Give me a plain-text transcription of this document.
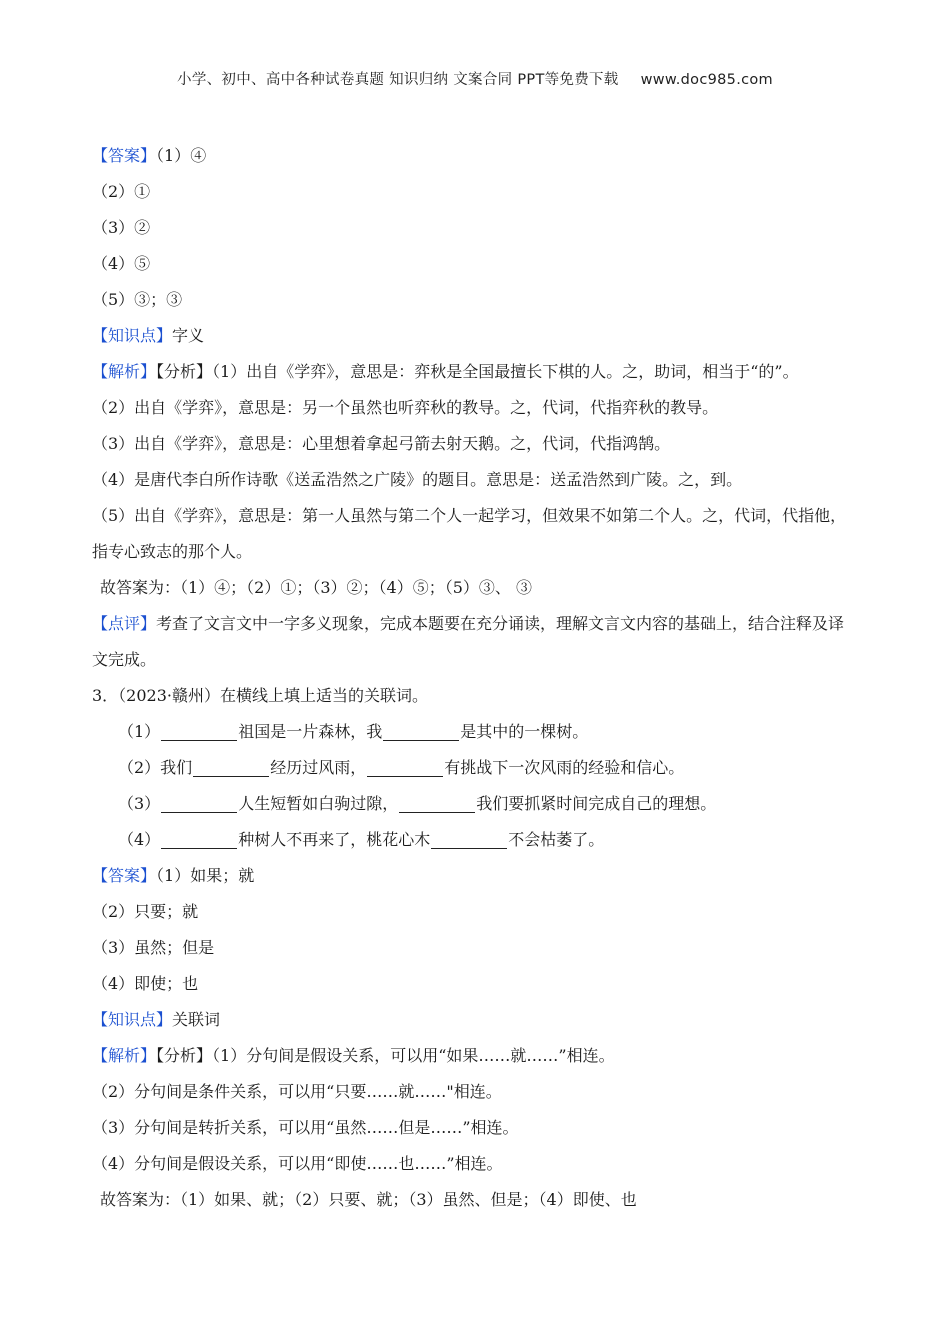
小学、初中、高中各种试卷真题 知识归纳 文案合同 PPT等免费下载 www.doc985.com
【答案】（1）④
（2）①
（3）②
（4）⑤
（5）③；③
【知识点】字义
【解析】【分析】（1）出自《学弈》，意思是：弈秋是全国最擅长下棋的人。之，助词，相当于“的”。
（2）出自《学弈》，意思是：另一个虽然也听弈秋的教导。之，代词，代指弈秋的教导。
（3）出自《学弈》，意思是：心里想着拿起弓箭去射天鹅。之，代词，代指鸿鹄。
（4）是唐代李白所作诗歌《送孟浩然之广陵》的题目。意思是：送孟浩然到广陵。之，到。
（5）出自《学弈》，意思是：第一人虽然与第二个人一起学习，但效果不如第二个人。之，代词，代指他，指专心致志的那个人。
故答案为：（1）④；（2）①；（3）②；（4）⑤；（5）③、 ③
【点评】考查了文言文中一字多义现象，完成本题要在充分诵读，理解文言文内容的基础上，结合注释及译文完成。
3．（2023·赣州）在横线上填上适当的关联词。
（1）	祖国是一片森林，我	是其中的一棵树。
（2）我们	经历过风雨，	有挑战下一次风雨的经验和信心。
（3）	人生短暂如白驹过隙，	我们要抓紧时间完成自己的理想。
（4）	种树人不再来了，桃花心木	不会枯萎了。
【答案】（1）如果；就
（2）只要；就
（3）虽然；但是
（4）即使；也
【知识点】关联词
【解析】【分析】（1）分句间是假设关系，可以用“如果……就……”相连。
（2）分句间是条件关系，可以用“只要……就……"相连。
（3）分句间是转折关系，可以用“虽然……但是……”相连。
（4）分句间是假设关系，可以用“即使……也……”相连。
故答案为：（1）如果、就；（2）只要、就；（3）虽然、但是；（4）即使、也
